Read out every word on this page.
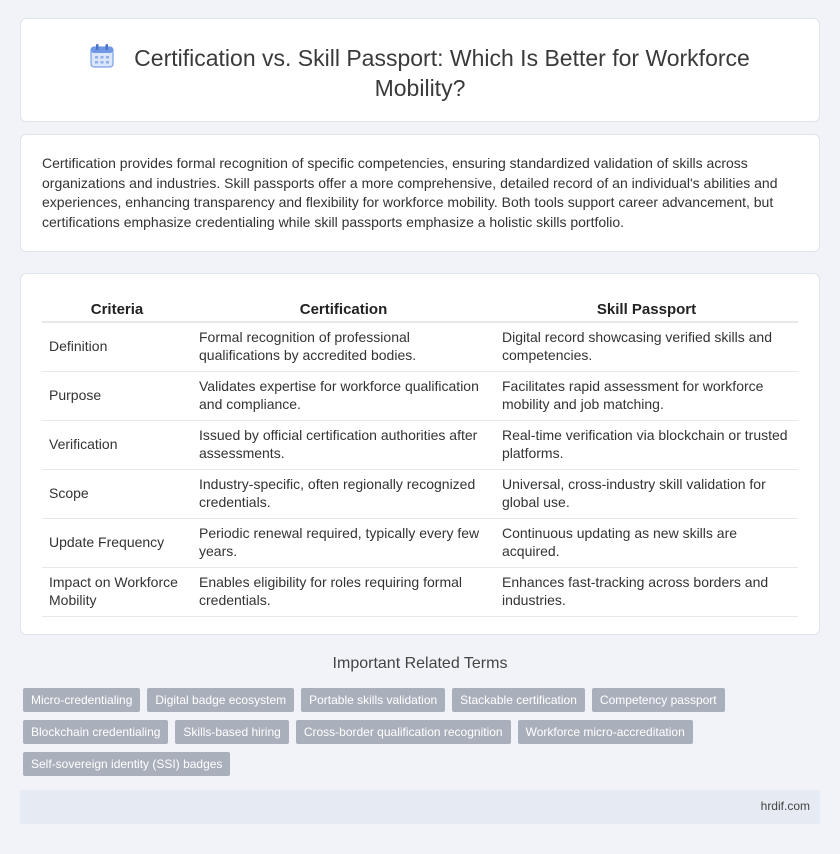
Certification vs. Skill Passport: Which Is Better for Workforce Mobility?

Certification provides formal recognition of specific competencies, ensuring standardized validation of skills across organizations and industries. Skill passports offer a more comprehensive, detailed record of an individual's abilities and experiences, enhancing transparency and flexibility for workforce mobility. Both tools support career advancement, but certifications emphasize credentialing while skill passports emphasize a holistic skills portfolio.

Criteria	Certification	Skill Passport
Definition	Formal recognition of professional qualifications by accredited bodies.	Digital record showcasing verified skills and competencies.
Purpose	Validates expertise for workforce qualification and compliance.	Facilitates rapid assessment for workforce mobility and job matching.
Verification	Issued by official certification authorities after assessments.	Real-time verification via blockchain or trusted platforms.
Scope	Industry-specific, often regionally recognized credentials.	Universal, cross-industry skill validation for global use.
Update Frequency	Periodic renewal required, typically every few years.	Continuous updating as new skills are acquired.
Impact on Workforce Mobility	Enables eligibility for roles requiring formal credentials.	Enhances fast-tracking across borders and industries.
Important Related Terms
Micro-credentialing	Digital badge ecosystem	Portable skills validation	Stackable certification	Competency passport
Blockchain credentialing	Skills-based hiring	Cross-border qualification recognition	Workforce micro-accreditation
Self-sovereign identity (SSI) badges
hrdif.com
